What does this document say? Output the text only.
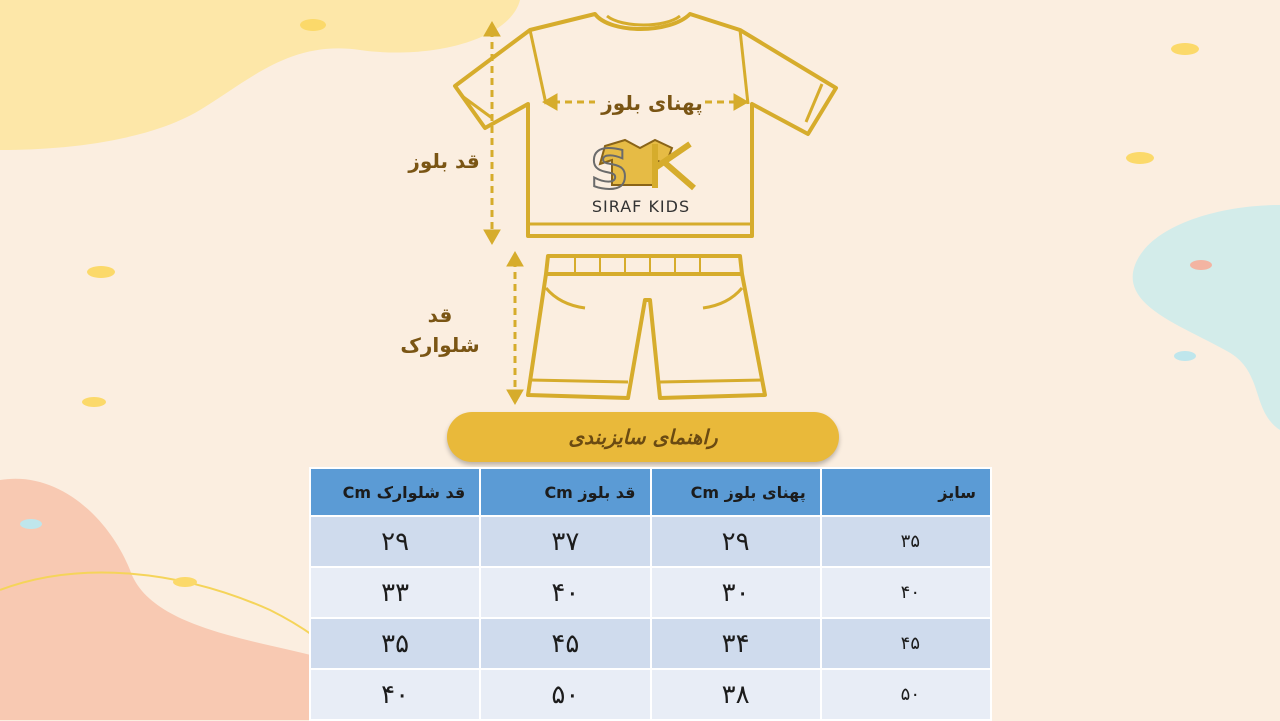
S
SIRAF KIDS
پهنای بلوز
قد بلوز
قد
شلوارک
راهنمای سایزبندی
سایز	پهنای بلوز Cm	قد بلوز Cm	قد شلوارک Cm
۳۵	۲۹	۳۷	۲۹
۴۰	۳۰	۴۰	۳۳
۴۵	۳۴	۴۵	۳۵
۵۰	۳۸	۵۰	۴۰
